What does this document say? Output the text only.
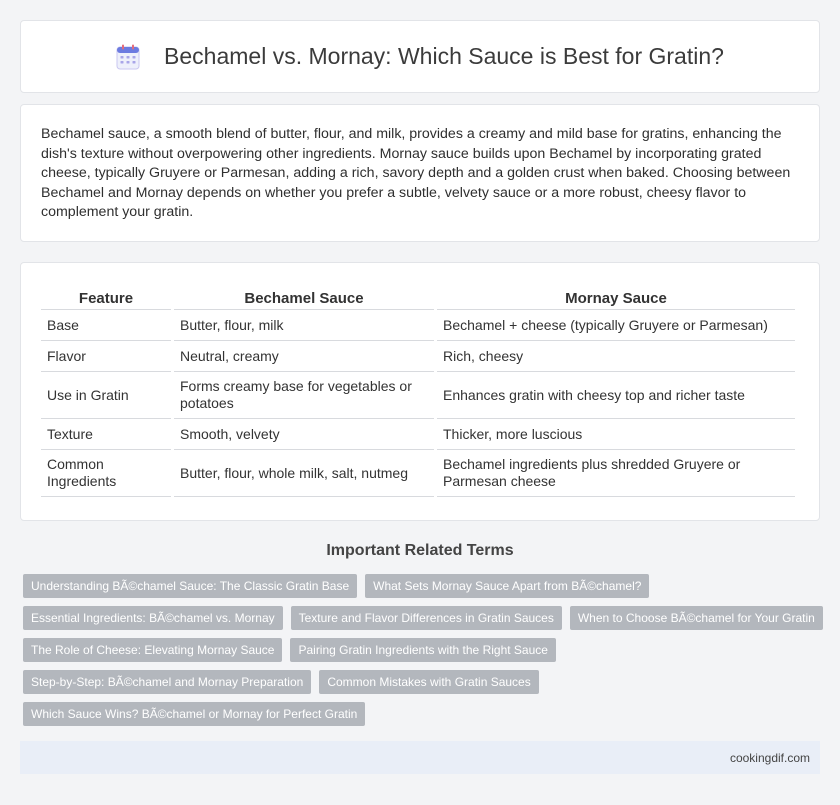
Bechamel vs. Mornay: Which Sauce is Best for Gratin?

Bechamel sauce, a smooth blend of butter, flour, and milk, provides a creamy and mild base for gratins, enhancing the dish's texture without overpowering other ingredients. Mornay sauce builds upon Bechamel by incorporating grated cheese, typically Gruyere or Parmesan, adding a rich, savory depth and a golden crust when baked. Choosing between Bechamel and Mornay depends on whether you prefer a subtle, velvety sauce or a more robust, cheesy flavor to complement your gratin.

Feature	Bechamel Sauce	Mornay Sauce
Base	Butter, flour, milk	Bechamel + cheese (typically Gruyere or Parmesan)
Flavor	Neutral, creamy	Rich, cheesy
Use in Gratin	Forms creamy base for vegetables or potatoes	Enhances gratin with cheesy top and richer taste
Texture	Smooth, velvety	Thicker, more luscious
Common Ingredients	Butter, flour, whole milk, salt, nutmeg	Bechamel ingredients plus shredded Gruyere or Parmesan cheese
Important Related Terms
Understanding BÃ©chamel Sauce: The Classic Gratin Base	What Sets Mornay Sauce Apart from BÃ©chamel?
Essential Ingredients: BÃ©chamel vs. Mornay	Texture and Flavor Differences in Gratin Sauces	When to Choose BÃ©chamel for Your Gratin
The Role of Cheese: Elevating Mornay Sauce	Pairing Gratin Ingredients with the Right Sauce
Step-by-Step: BÃ©chamel and Mornay Preparation	Common Mistakes with Gratin Sauces
Which Sauce Wins? BÃ©chamel or Mornay for Perfect Gratin
cookingdif.com
